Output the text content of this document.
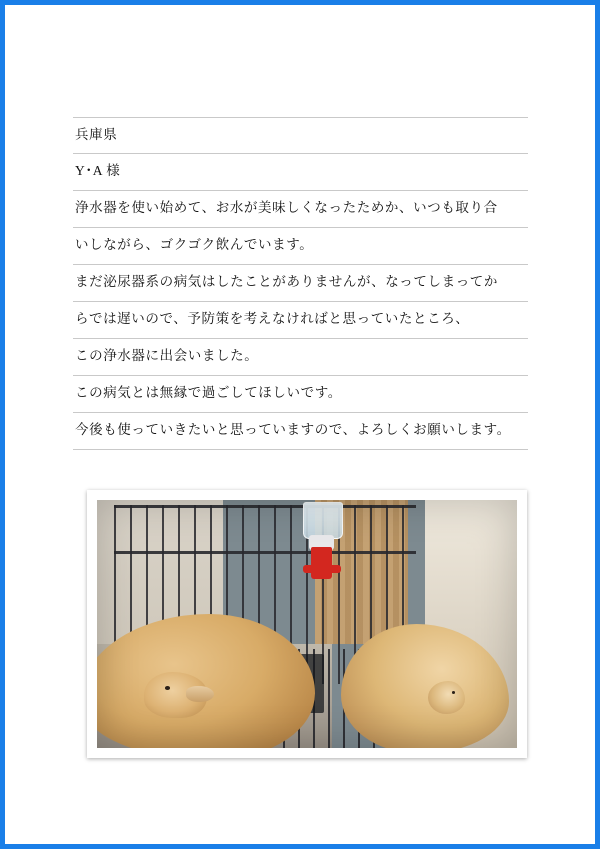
兵庫県
Y･A 様
浄水器を使い始めて、お水が美味しくなったためか、いつも取り合
いしながら、ゴクゴク飲んでいます。
まだ泌尿器系の病気はしたことがありませんが、なってしまってか
らでは遅いので、予防策を考えなければと思っていたところ、
この浄水器に出会いました。
この病気とは無縁で過ごしてほしいです。
今後も使っていきたいと思っていますので、よろしくお願いします。
